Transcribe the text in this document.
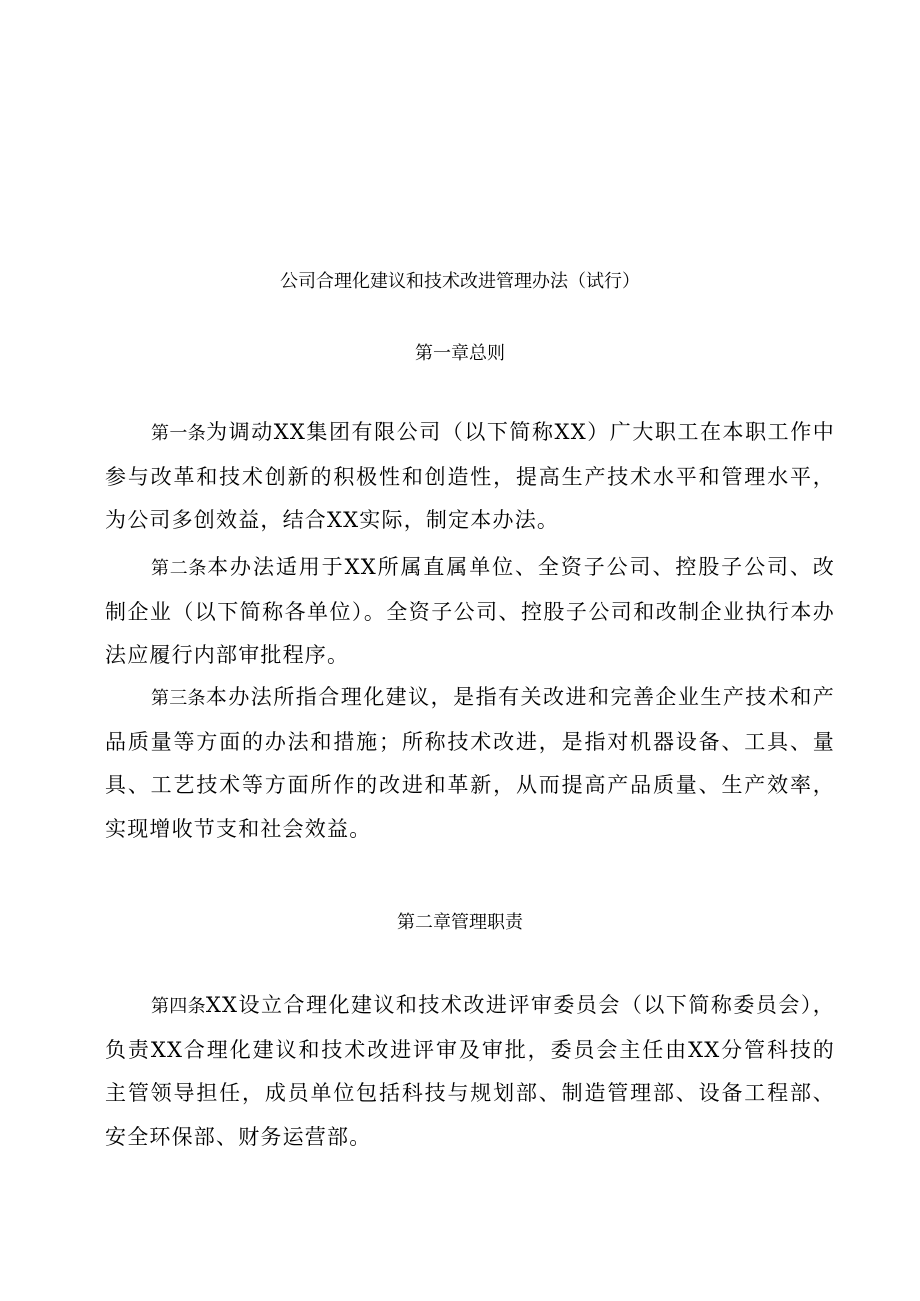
公司合理化建议和技术改进管理办法（试行）
第一章总则

第一条为调动XX集团有限公司（以下简称XX）广大职工在本职工作中参与改革和技术创新的积极性和创造性，提高生产技术水平和管理水平，为公司多创效益，结合XX实际，制定本办法。

第二条本办法适用于XX所属直属单位、全资子公司、控股子公司、改制企业（以下简称各单位）。全资子公司、控股子公司和改制企业执行本办法应履行内部审批程序。

第三条本办法所指合理化建议，是指有关改进和完善企业生产技术和产品质量等方面的办法和措施；所称技术改进，是指对机器设备、工具、量具、工艺技术等方面所作的改进和革新，从而提高产品质量、生产效率，实现增收节支和社会效益。

第二章管理职责

第四条XX设立合理化建议和技术改进评审委员会（以下简称委员会），负责XX合理化建议和技术改进评审及审批，委员会主任由XX分管科技的主管领导担任，成员单位包括科技与规划部、制造管理部、设备工程部、安全环保部、财务运营部。
